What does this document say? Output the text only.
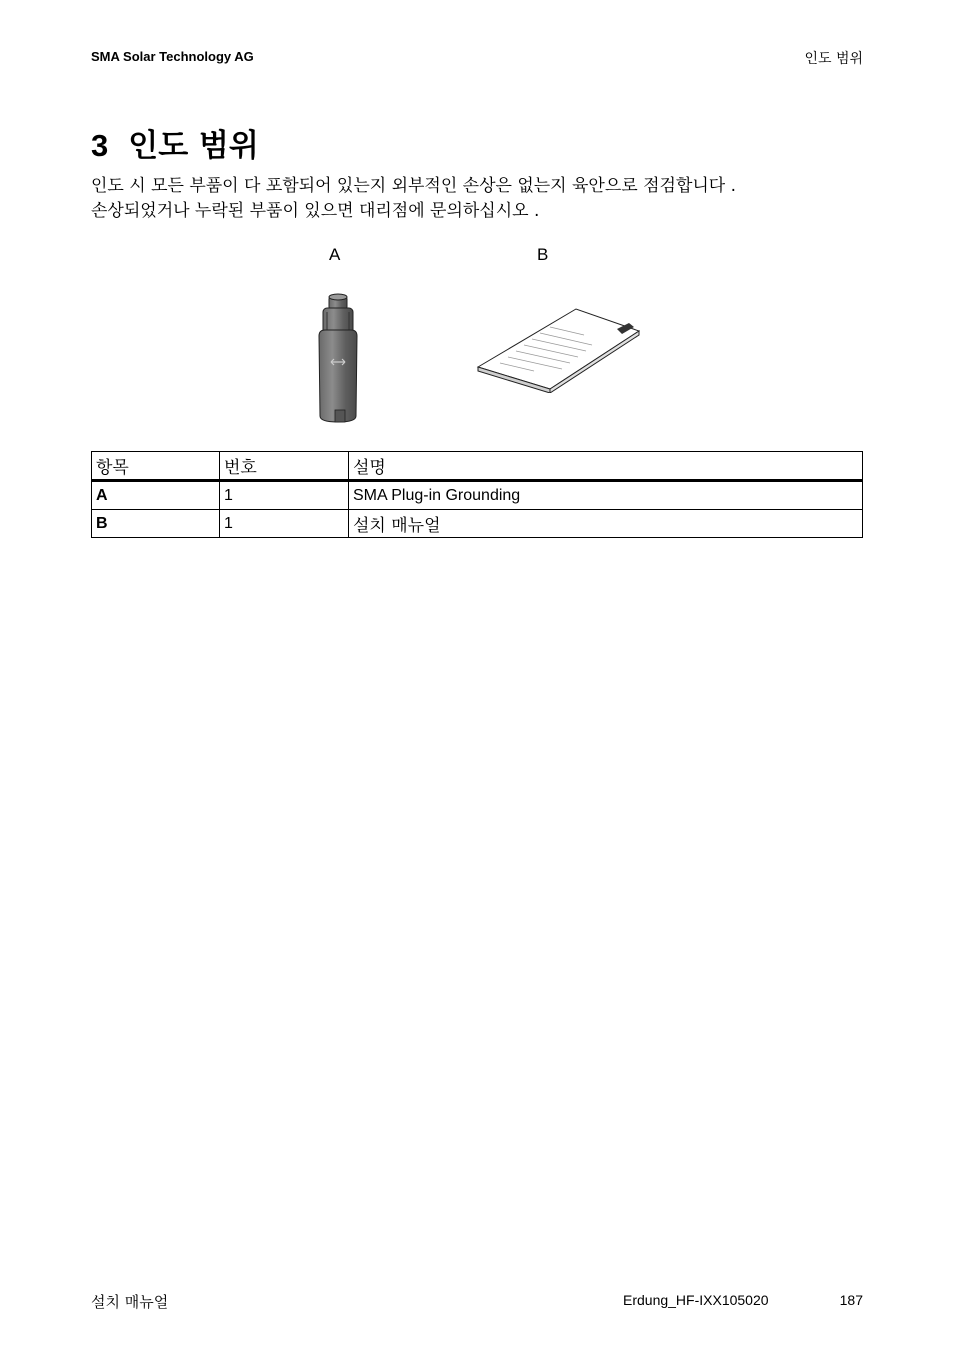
SMA Solar Technology AG	인도 범위
3 인도 범위

인도 시 모든 부품이 다 포함되어 있는지 외부적인 손상은 없는지 육안으로 점검합니다 .

손상되었거나 누락된 부품이 있으면 대리점에 문의하십시오 .

A	B
항목	번호	설명
A	1	SMA Plug-in Grounding
B	1	설치 매뉴얼
설치 매뉴얼	Erdung_HF-IXX105020	187
